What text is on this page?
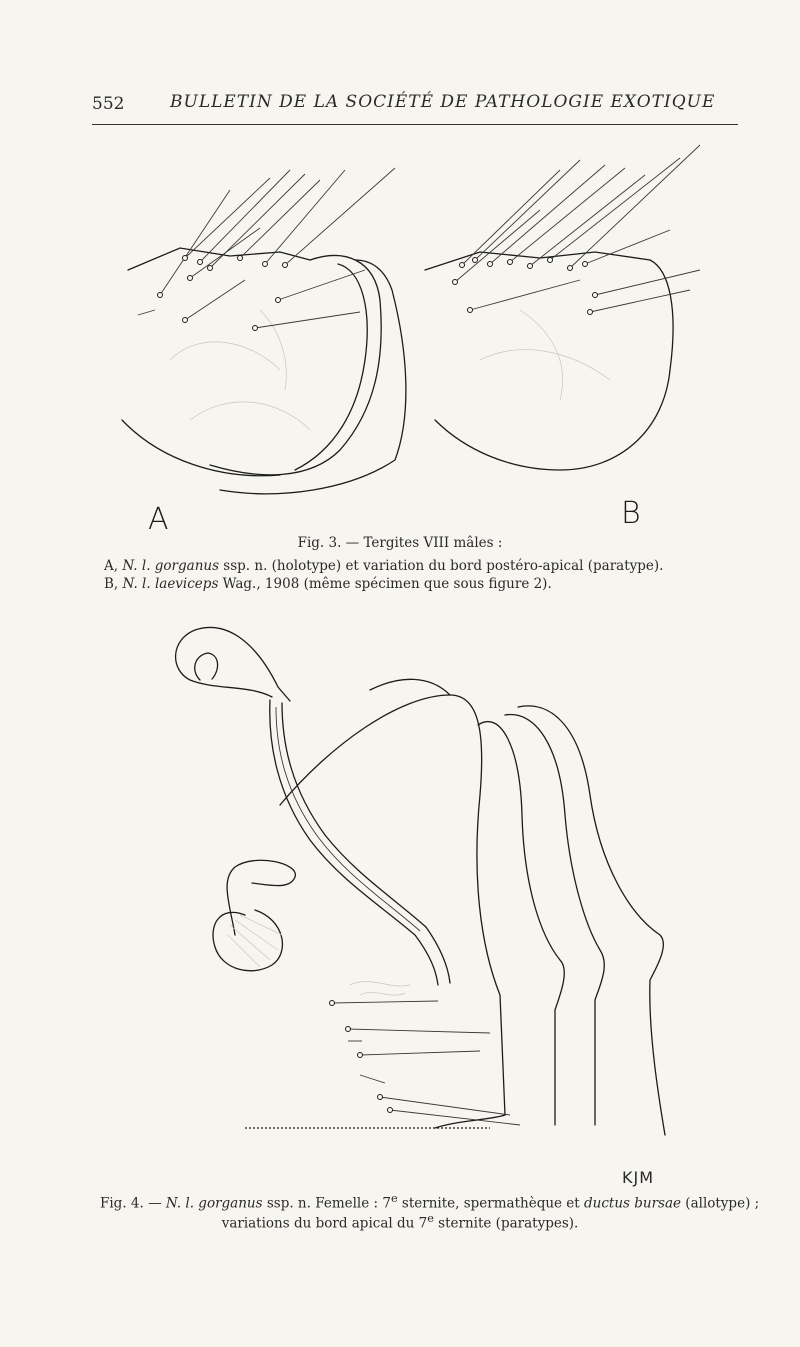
552	BULLETIN DE LA SOCIÉTÉ DE PATHOLOGIE EXOTIQUE
A	B
Fig. 3. — Tergites VIII mâles :
A, N. l. gorganus ssp. n. (holotype) et variation du bord postéro-apical (paratype).
B, N. l. laeviceps Wag., 1908 (même spécimen que sous figure 2).
KJM
Fig. 4. — N. l. gorganus ssp. n. Femelle : 7e sternite, spermathèque et ductus bursae (allotype) ;
variations du bord apical du 7e sternite (paratypes).
